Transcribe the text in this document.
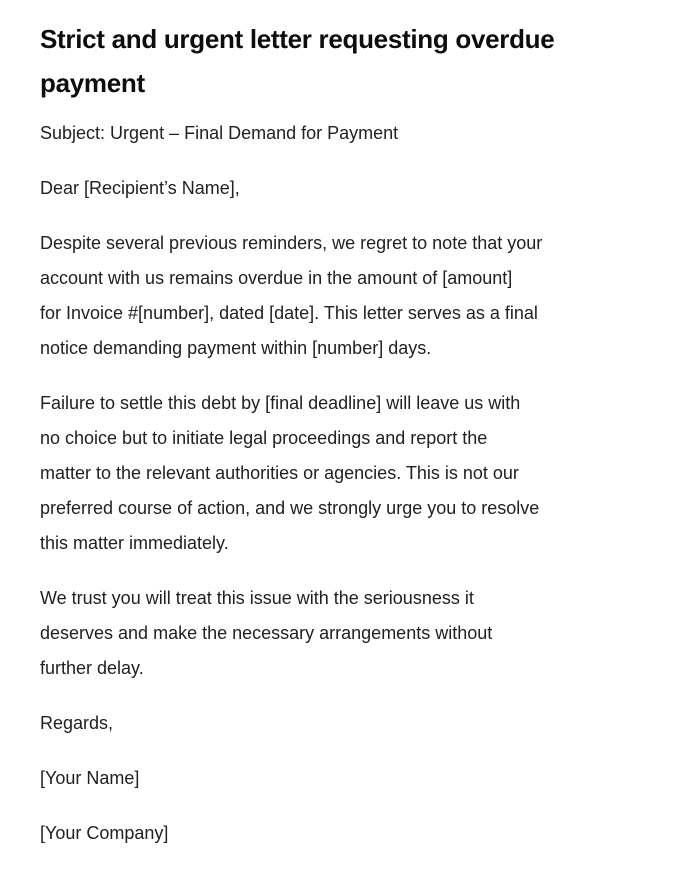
Strict and urgent letter requesting overdue
payment

Subject: Urgent – Final Demand for Payment

Dear [Recipient’s Name],

Despite several previous reminders, we regret to note that your
account with us remains overdue in the amount of [amount]
for Invoice #[number], dated [date]. This letter serves as a final
notice demanding payment within [number] days.

Failure to settle this debt by [final deadline] will leave us with
no choice but to initiate legal proceedings and report the
matter to the relevant authorities or agencies. This is not our
preferred course of action, and we strongly urge you to resolve
this matter immediately.

We trust you will treat this issue with the seriousness it
deserves and make the necessary arrangements without
further delay.

Regards,

[Your Name]

[Your Company]
